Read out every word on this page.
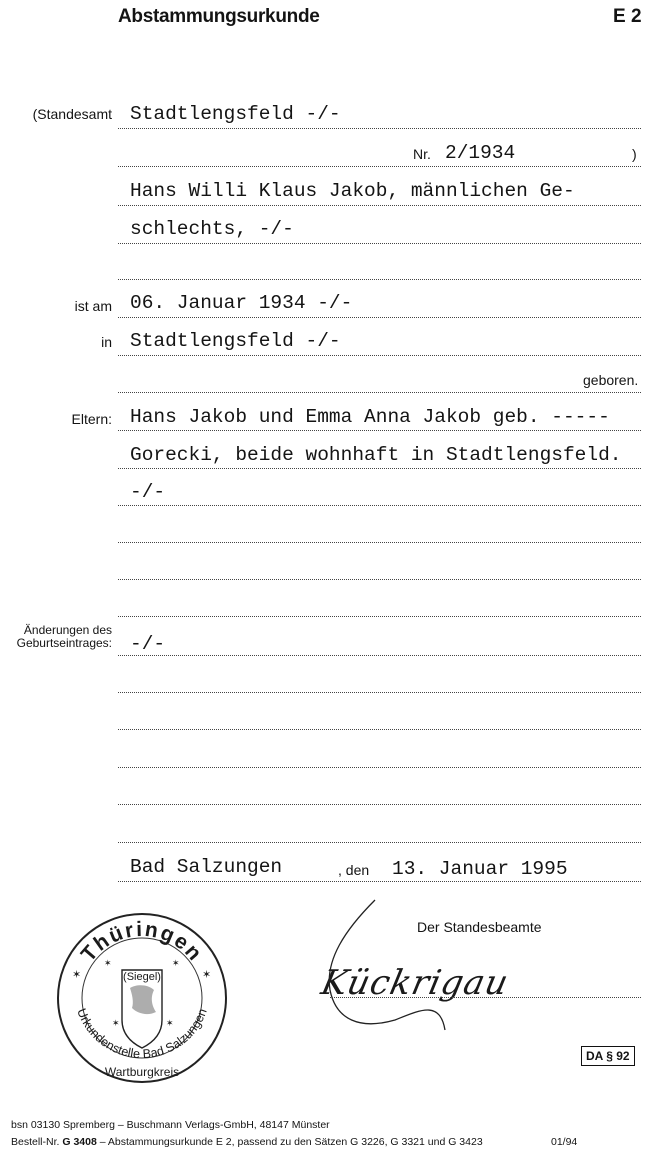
Abstammungsurkunde	E 2
(Standesamt Stadtlengsfeld -/-
Nr. 2/1934	)
Hans Willi Klaus Jakob, männlichen Ge-
schlechts, -/-
ist am 06. Januar 1934 -/-
in Stadtlengsfeld -/-
geboren.
Eltern: Hans Jakob und Emma Anna Jakob geb. -----
Gorecki, beide wohnhaft in Stadtlengsfeld.
-/-
Änderungen des
Geburtseintrages: -/-
Bad Salzungen	, den 13. Januar 1995
Der Standesbeamte
Kückrigau
Thüringen
Urkundenstelle Bad Salzungen
Wartburgkreis
(Siegel)
✶	✶
✶	✶
✶	✶
DA § 92
bsn 03130 Spremberg – Buschmann Verlags-GmbH, 48147 Münster
Bestell-Nr. G 3408 – Abstammungsurkunde E 2, passend zu den Sätzen G 3226, G 3321 und G 3423	01/94
